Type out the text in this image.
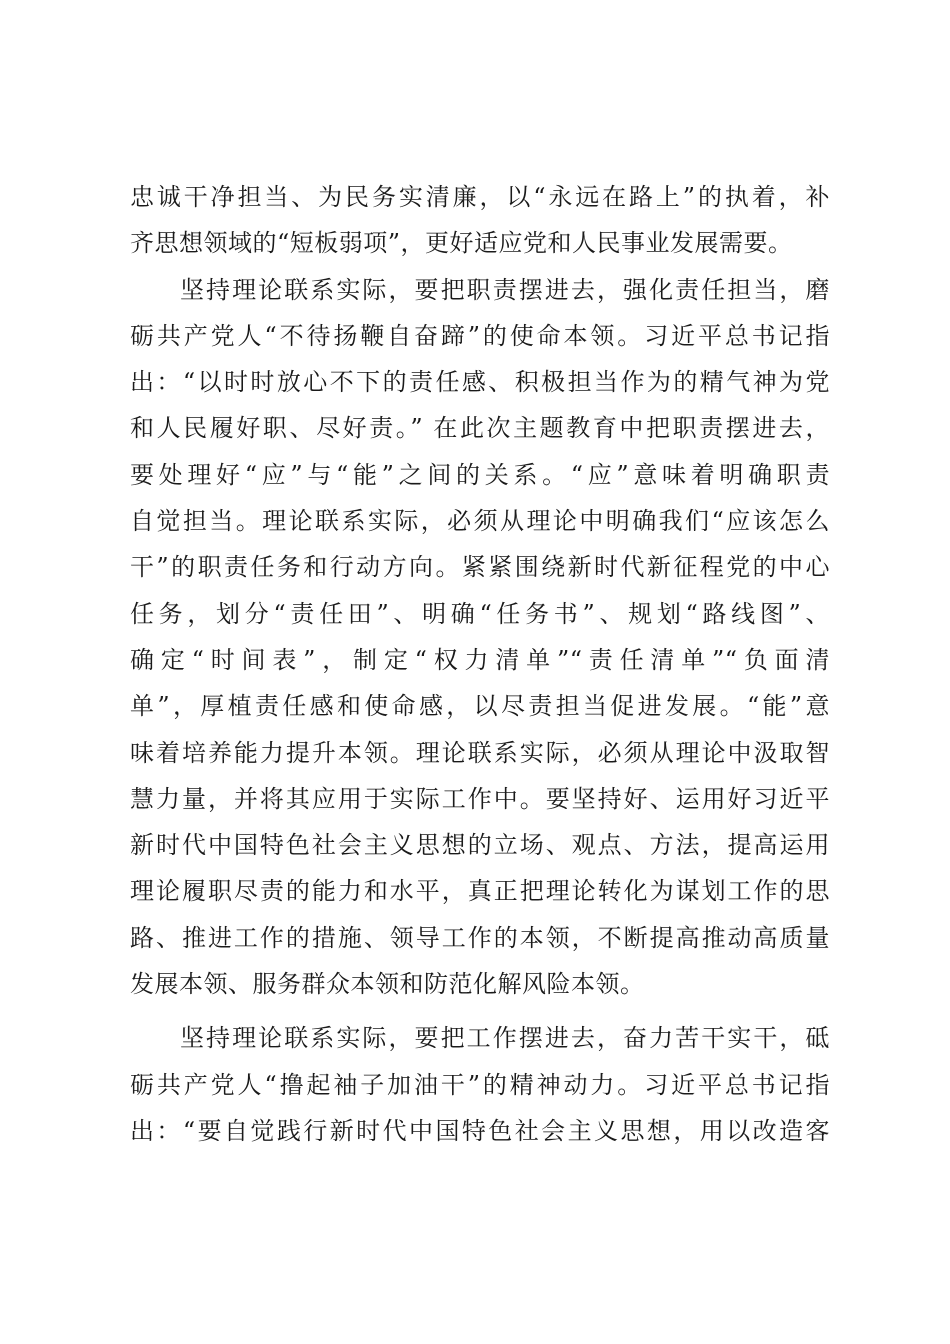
忠诚干净担当、为民务实清廉，以“永远在路上”的执着，补
齐思想领域的“短板弱项”，更好适应党和人民事业发展需要。
坚持理论联系实际，要把职责摆进去，强化责任担当，磨
砺共产党人“不待扬鞭自奋蹄”的使命本领。习近平总书记指
出：“以时时放心不下的责任感、积极担当作为的精气神为党
和人民履好职、尽好责。” 在此次主题教育中把职责摆进去，
要处理好“应”与“能”之间的关系。“应”意味着明确职责
自觉担当。理论联系实际，必须从理论中明确我们“应该怎么
干”的职责任务和行动方向。紧紧围绕新时代新征程党的中心
任务，划分“责任田”、明确“任务书”、规划“路线图”、
确定“时间表”，制定“权力清单”“责任清单”“负面清
单”，厚植责任感和使命感，以尽责担当促进发展。“能”意
味着培养能力提升本领。理论联系实际，必须从理论中汲取智
慧力量，并将其应用于实际工作中。要坚持好、运用好习近平
新时代中国特色社会主义思想的立场、观点、方法，提高运用
理论履职尽责的能力和水平，真正把理论转化为谋划工作的思
路、推进工作的措施、领导工作的本领，不断提高推动高质量
发展本领、服务群众本领和防范化解风险本领。
坚持理论联系实际，要把工作摆进去，奋力苦干实干，砥
砺共产党人“撸起袖子加油干”的精神动力。习近平总书记指
出：“要自觉践行新时代中国特色社会主义思想，用以改造客
